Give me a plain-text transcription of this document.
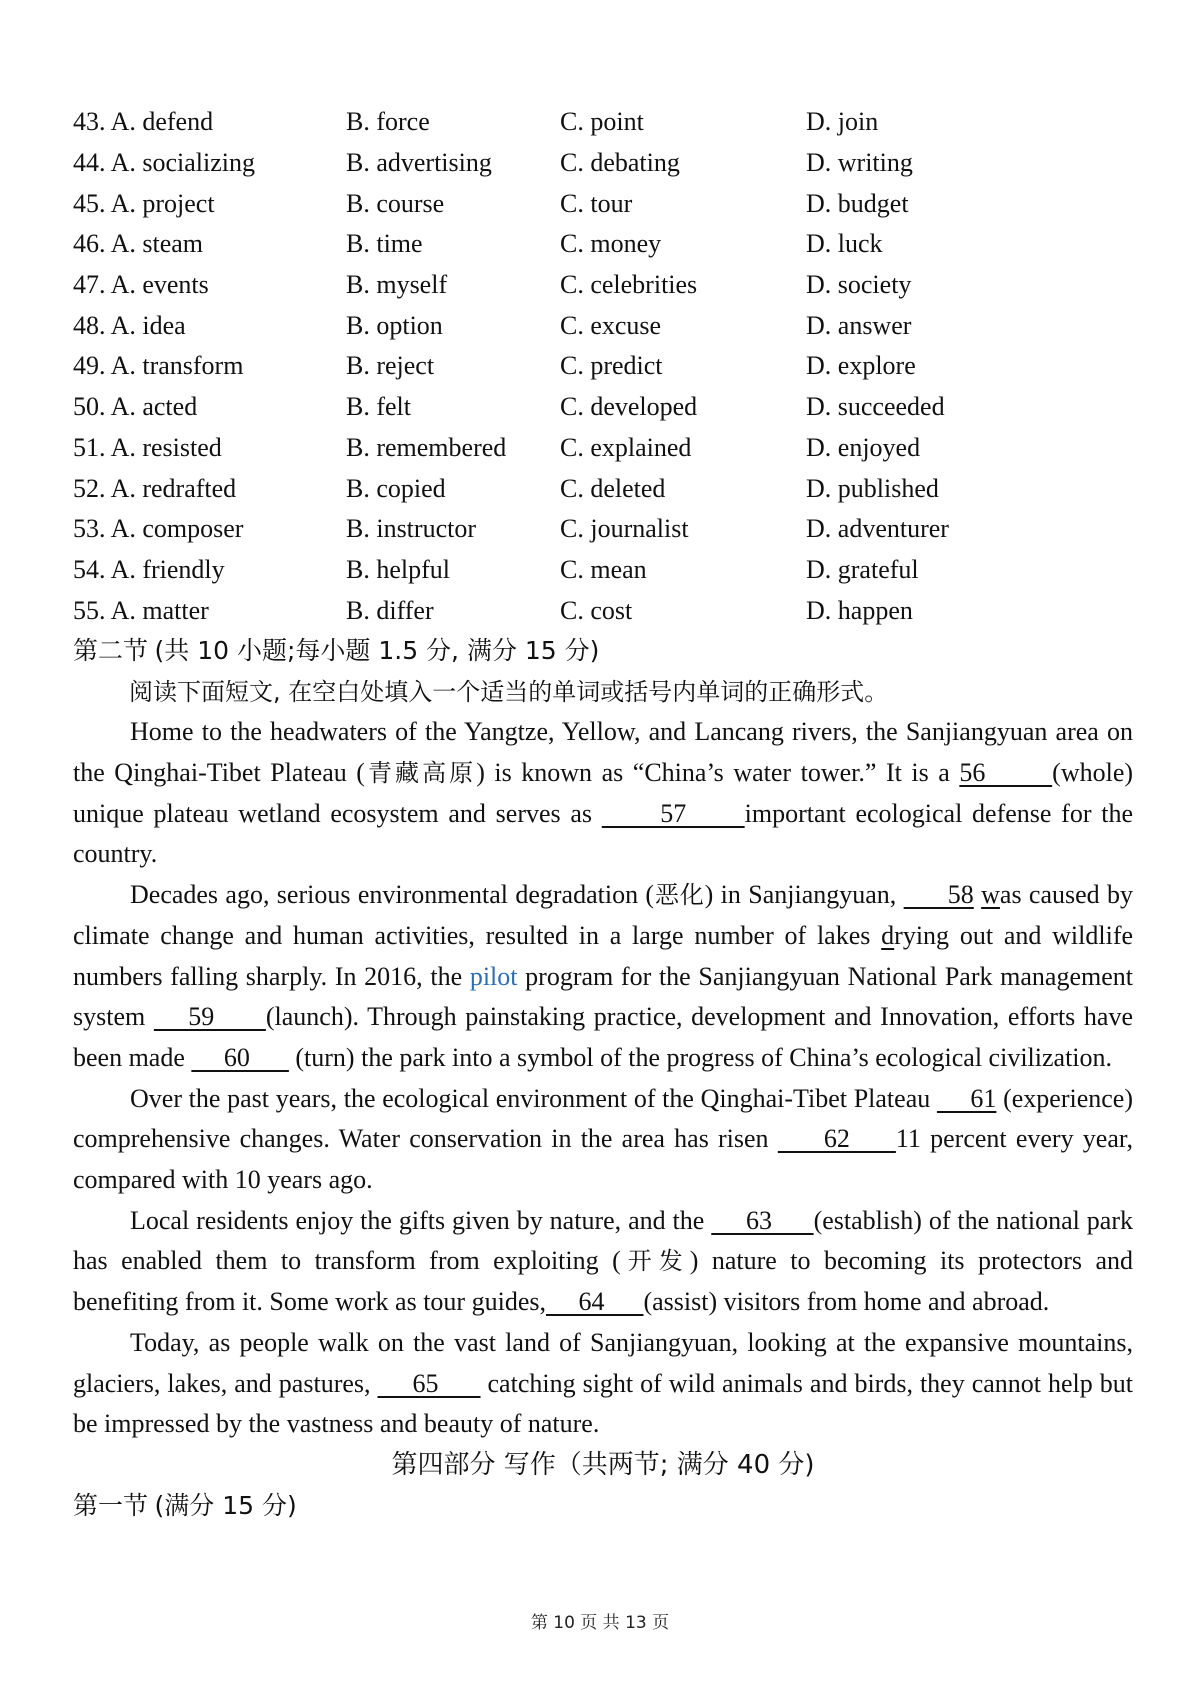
43. A. defend	B. force	C. point	D. join
44. A. socializing	B. advertising	C. debating	D. writing
45. A. project	B. course	C. tour	D. budget
46. A. steam	B. time	C. money	D. luck
47. A. events	B. myself	C. celebrities	D. society
48. A. idea	B. option	C. excuse	D. answer
49. A. transform	B. reject	C. predict	D. explore
50. A. acted	B. felt	C. developed	D. succeeded
51. A. resisted	B. remembered	C. explained	D. enjoyed
52. A. redrafted	B. copied	C. deleted	D. published
53. A. composer	B. instructor	C. journalist	D. adventurer
54. A. friendly	B. helpful	C. mean	D. grateful
55. A. matter	B. differ	C. cost	D. happen
第二节 (共 10 小题;每小题 1.5 分, 满分 15 分)
阅读下面短文, 在空白处填入一个适当的单词或括号内单词的正确形式。

Home to the headwaters of the Yangtze, Yellow, and Lancang rivers, the Sanjiangyuan area on the Qinghai-Tibet Plateau (青藏高原) is known as “China’s water tower.” It is a 56       (whole) unique plateau wetland ecosystem and serves as       57      important ecological defense for the country.

Decades ago, serious environmental degradation (恶化) in Sanjiangyuan,       58 was caused by climate change and human activities, resulted in a large number of lakes drying out and wildlife numbers falling sharply. In 2016, the pilot program for the Sanjiangyuan National Park management system     59      (launch). Through painstaking practice, development and Innovation, efforts have been made      60       (turn) the park into a symbol of the progress of China’s ecological civilization.

Over the past years, the ecological environment of the Qinghai-Tibet Plateau      61 (experience) comprehensive changes. Water conservation in the area has risen      62     11 percent every year, compared with 10 years ago.

Local residents enjoy the gifts given by nature, and the      63      (establish) of the national park has enabled them to transform from exploiting (开发) nature to becoming its protectors and benefiting from it. Some work as tour guides,     64      (assist) visitors from home and abroad.

Today, as people walk on the vast land of Sanjiangyuan, looking at the expansive mountains, glaciers, lakes, and pastures,      65       catching sight of wild animals and birds, they cannot help but be impressed by the vastness and beauty of nature.

第四部分 写作（共两节; 满分 40 分)
第一节 (满分 15 分)
第 10 页 共 13 页
